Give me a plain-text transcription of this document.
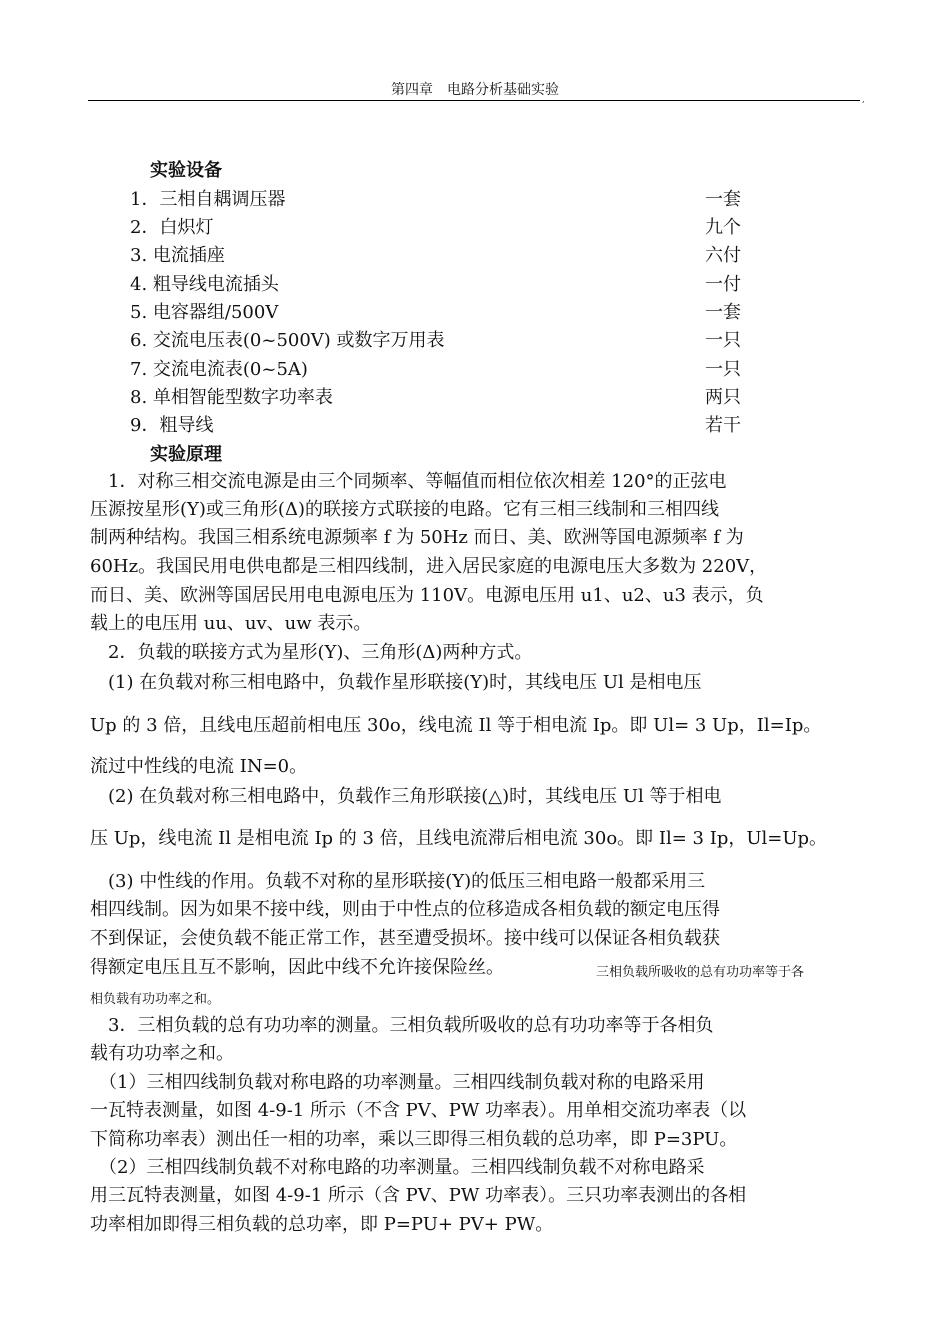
第四章　电路分析基础实验
,
实验设备
1．三相自耦调压器	一套
2．白炽灯	九个
3. 电流插座	六付
4. 粗导线电流插头	一付
5. 电容器组/500V	一套
6. 交流电压表(0~500V) 或数字万用表	一只
7. 交流电流表(0~5A)	一只
8. 单相智能型数字功率表	两只
9．粗导线	若干
实验原理
　1．对称三相交流电源是由三个同频率、等幅值而相位依次相差 120°的正弦电
压源按星形(Y)或三角形(Δ)的联接方式联接的电路。它有三相三线制和三相四线
制两种结构。我国三相系统电源频率 f 为 50Hz 而日、美、欧洲等国电源频率 f 为
60Hz。我国民用电供电都是三相四线制，进入居民家庭的电源电压大多数为 220V，
而日、美、欧洲等国居民用电电源电压为 110V。电源电压用 u1、u2、u3 表示，负
载上的电压用 uu、uv、uw 表示。
　2．负载的联接方式为星形(Y)、三角形(Δ)两种方式。
　(1) 在负载对称三相电路中，负载作星形联接(Y)时，其线电压 Ul 是相电压
Up 的 3 倍，且线电压超前相电压 30o，线电流 Il 等于相电流 Ip。即 Ul= 3 Up，Il=Ip。
流过中性线的电流 IN=0。
　(2) 在负载对称三相电路中，负载作三角形联接(△)时，其线电压 Ul 等于相电
压 Up，线电流 Il 是相电流 Ip 的 3 倍，且线电流滞后相电流 30o。即 Il= 3 Ip，Ul=Up。
　(3) 中性线的作用。负载不对称的星形联接(Y)的低压三相电路一般都采用三
相四线制。因为如果不接中线，则由于中性点的位移造成各相负载的额定电压得
不到保证，会使负载不能正常工作，甚至遭受损坏。接中线可以保证各相负载获
得额定电压且互不影响，因此中线不允许接保险丝。	三相负载所吸收的总有功功率等于各
相负载有功功率之和。
　3．三相负载的总有功功率的测量。三相负载所吸收的总有功功率等于各相负
载有功功率之和。
　（1）三相四线制负载对称电路的功率测量。三相四线制负载对称的电路采用
一瓦特表测量，如图 4-9-1 所示（不含 PV、PW 功率表）。用单相交流功率表（以
下简称功率表）测出任一相的功率，乘以三即得三相负载的总功率，即 P=3PU。
　（2）三相四线制负载不对称电路的功率测量。三相四线制负载不对称电路采
用三瓦特表测量，如图 4-9-1 所示（含 PV、PW 功率表）。三只功率表测出的各相
功率相加即得三相负载的总功率，即 P=PU+ PV+ PW。
